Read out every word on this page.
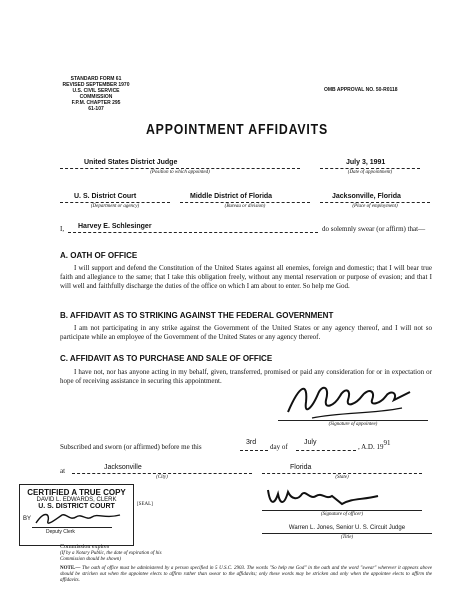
STANDARD FORM 61
REVISED SEPTEMBER 1970
U.S. CIVIL SERVICE COMMISSION
F.P.M. CHAPTER 295
61-107
OMB APPROVAL NO. 50-R0118
APPOINTMENT AFFIDAVITS
United States District Judge
(Position to which appointed)
July 3, 1991
(Date of appointment)
U. S. District Court
(Department or agency)
Middle District of Florida
(Bureau or division)
Jacksonville, Florida
(Place of employment)
I, Harvey E. Schlesinger	do solemnly swear (or affirm) that—
A. OATH OF OFFICE
I will support and defend the Constitution of the United States against all enemies, foreign and domestic; that I will bear true faith and allegiance to the same; that I take this obligation freely, without any mental reservation or purpose of evasion; and that I will well and faithfully discharge the duties of the office on which I am about to enter. So help me God.
B. AFFIDAVIT AS TO STRIKING AGAINST THE FEDERAL GOVERNMENT
I am not participating in any strike against the Government of the United States or any agency thereof, and I will not so participate while an employee of the Government of the United States or any agency thereof.
C. AFFIDAVIT AS TO PURCHASE AND SALE OF OFFICE
I have not, nor has anyone acting in my behalf, given, transferred, promised or paid any consideration for or in expectation or hope of receiving assistance in securing this appointment.
(Signature of appointee)
Subscribed and sworn (or affirmed) before me this
3rd
day of
July
, A.D. 1991
at	Jacksonville
(City)
Florida
(State)
CERTIFIED A TRUE COPY
DAVID L. EDWARDS, CLERK
U. S. DISTRICT COURT
BY
Deputy Clerk
[SEAL]
Commission expires
(If by a Notary Public, the date of expiration of his Commission should be shown)
(Signature of officer)
Warren L. Jones, Senior U. S. Circuit Judge
(Title)
NOTE.— The oath of office must be administered by a person specified in 5 U.S.C. 2903. The words "So help me God" in the oath and the word "swear" wherever it appears above should be stricken out when the appointee elects to affirm rather than swear to the affidavits; only these words may be stricken and only when the appointee elects to affirm the affidavits.
